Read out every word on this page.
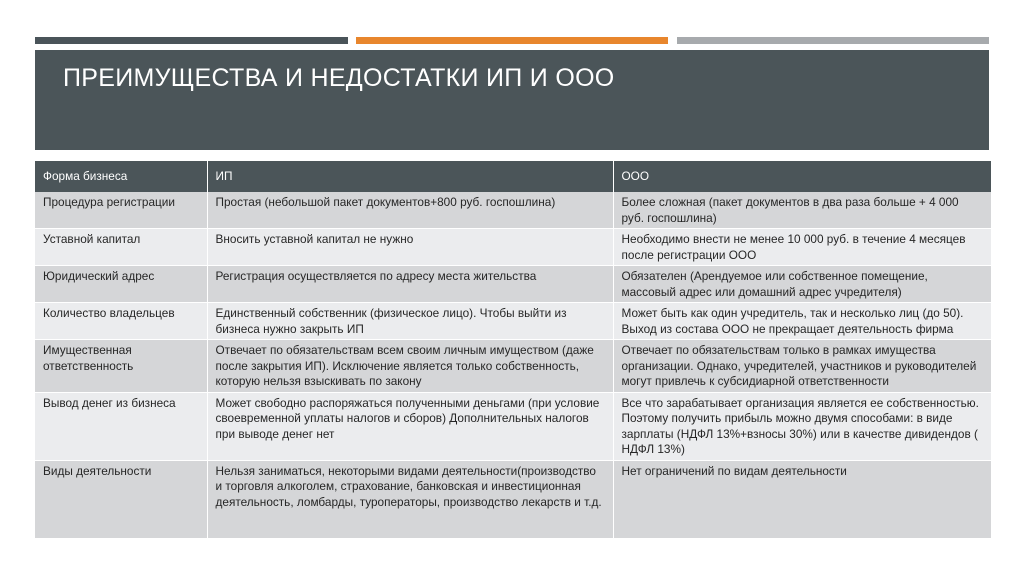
ПРЕИМУЩЕСТВА И НЕДОСТАТКИ ИП И ООО
Форма бизнеса	ИП	ООО
Процедура регистрации	Простая (небольшой пакет документов+800 руб. госпошлина)	Более сложная (пакет документов в два раза больше + 4 000 руб. госпошлина)
Уставной капитал	Вносить уставной капитал не нужно	Необходимо внести не менее 10 000 руб. в течение 4 месяцев после регистрации ООО
Юридический адрес	Регистрация осуществляется по адресу места жительства	Обязателен (Арендуемое или собственное помещение, массовый адрес или домашний адрес учредителя)
Количество владельцев	Единственный собственник (физическое лицо). Чтобы выйти из бизнеса нужно закрыть ИП	Может быть как один учредитель, так и несколько лиц (до 50). Выход из состава ООО не прекращает деятельность фирма
Имущественная ответственность	Отвечает по обязательствам всем своим личным имуществом (даже после закрытия ИП). Исключение является только собственность, которую нельзя взыскивать по закону	Отвечает по обязательствам только в рамках имущества организации. Однако, учредителей, участников и руководителей могут привлечь к субсидиарной ответственности
Вывод денег из бизнеса	Может свободно распоряжаться полученными деньгами (при условие своевременной уплаты налогов и сборов) Дополнительных налогов при выводе денег нет	Все что зарабатывает организация является ее собственностью. Поэтому получить прибыль можно двумя способами: в виде зарплаты (НДФЛ 13%+взносы 30%) или в качестве дивидендов ( НДФЛ 13%)
Виды деятельности	Нельзя заниматься, некоторыми видами деятельности(производство и торговля алкоголем, страхование, банковская и инвестиционная деятельность, ломбарды, туроператоры, производство лекарств и т.д.	Нет ограничений по видам деятельности
